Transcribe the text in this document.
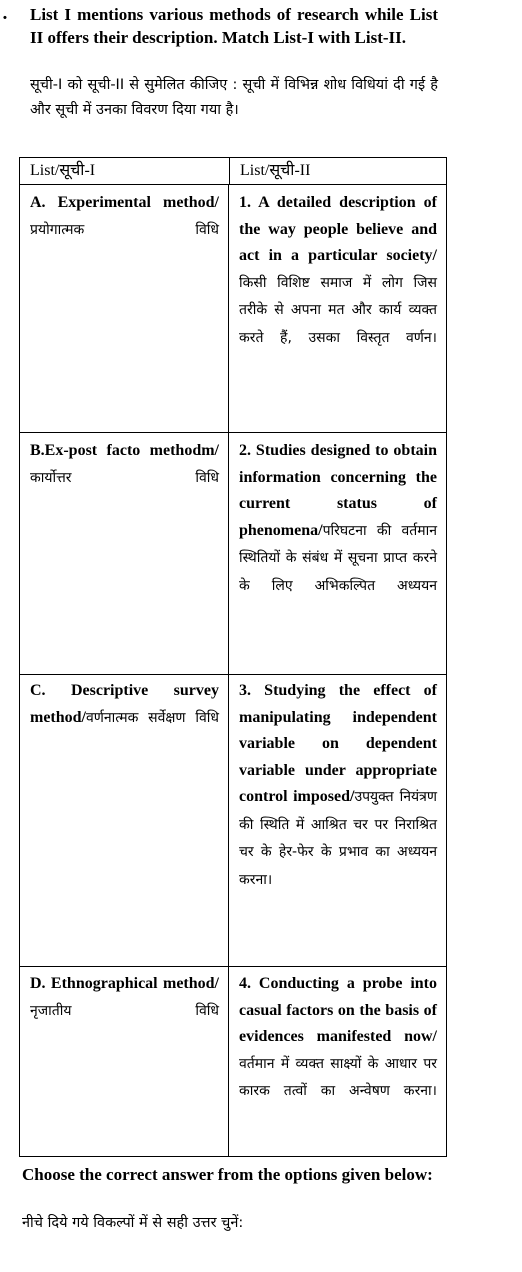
. List I mentions various methods of research while List II offers their description. Match List-I with List-II.
सूची-I को सूची-II से सुमेलित कीजिए : सूची में विभिन्न शोध विधियां दी गई है और सूची में उनका विवरण दिया गया है।
List/सूची-I	List/सूची-II
A. Experimental method/प्रयोगात्मक विधि
1. A detailed description of the way people believe and act in a particular society/किसी विशिष्ट समाज में लोग जिस तरीके से अपना मत और कार्य व्यक्त करते हैं, उसका विस्तृत वर्णन।
B.Ex-post facto methodm/कार्योत्तर विधि
2. Studies designed to obtain information concerning the current status of phenomena/परिघटना की वर्तमान स्थितियों के संबंध में सूचना प्राप्त करने के लिए अभिकल्पित अध्ययन
C. Descriptive survey method/वर्णनात्मक सर्वेक्षण विधि
3. Studying the effect of manipulating independent variable on dependent variable under appropriate control imposed/उपयुक्त नियंत्रण की स्थिति में आश्रित चर पर निराश्रित चर के हेर-फेर के प्रभाव का अध्ययन करना।
D. Ethnographical method/नृजातीय विधि
4. Conducting a probe into casual factors on the basis of evidences manifested now/वर्तमान में व्यक्त साक्ष्यों के आधार पर कारक तत्वों का अन्वेषण करना।
Choose the correct answer from the options given below:
नीचे दिये गये विकल्पों में से सही उत्तर चुनें:
